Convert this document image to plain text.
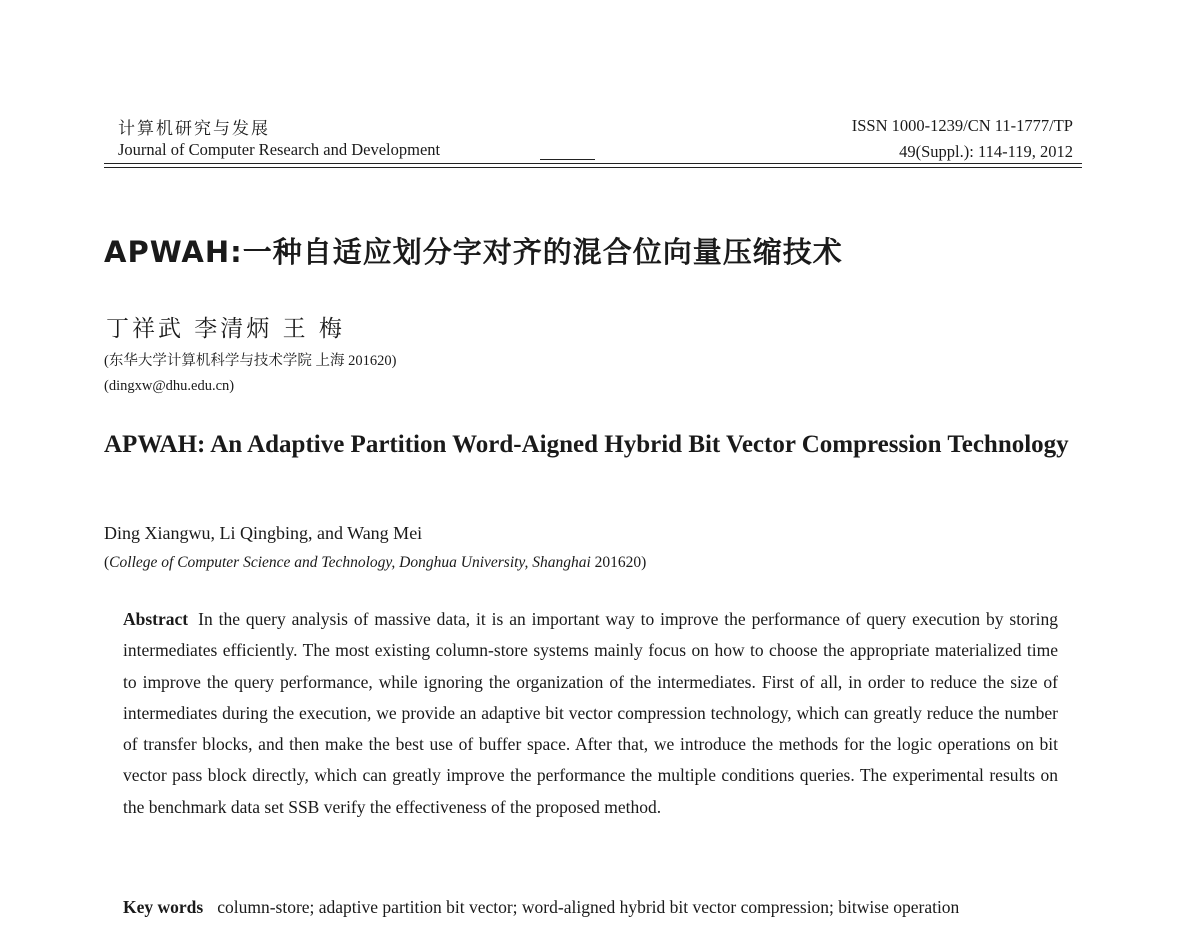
计算机研究与发展
Journal of Computer Research and Development
ISSN 1000-1239/CN 11-1777/TP
49(Suppl.): 114-119, 2012
APWAH:一种自适应划分字对齐的混合位向量压缩技术
丁祥武 李清炳 王 梅
(东华大学计算机科学与技术学院 上海 201620)
(dingxw@dhu.edu.cn)
APWAH: An Adaptive Partition Word-Aigned Hybrid Bit Vector Compression Technology
Ding Xiangwu, Li Qingbing, and Wang Mei
(College of Computer Science and Technology, Donghua University, Shanghai 201620)
Abstract In the query analysis of massive data, it is an important way to improve the performance of query execution by storing intermediates efficiently. The most existing column-store systems mainly focus on how to choose the appropriate materialized time to improve the query performance, while ignoring the organization of the intermediates. First of all, in order to reduce the size of intermediates during the execution, we provide an adaptive bit vector compression technology, which can greatly reduce the number of transfer blocks, and then make the best use of buffer space. After that, we introduce the methods for the logic operations on bit vector pass block directly, which can greatly improve the performance the multiple conditions queries. The experimental results on the benchmark data set SSB verify the effectiveness of the proposed method.
Key words column-store; adaptive partition bit vector; word-aligned hybrid bit vector compression; bitwise operation
